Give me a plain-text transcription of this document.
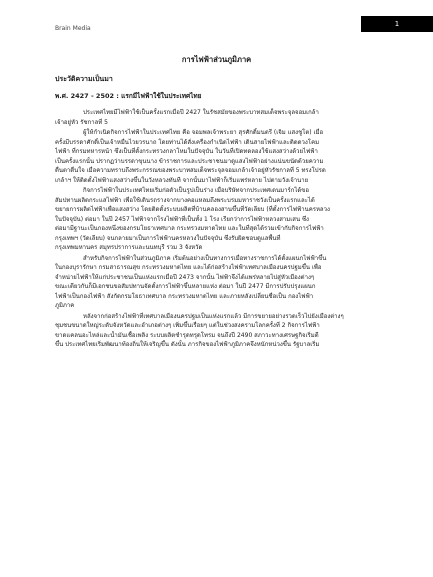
Brain Media
1
การไฟฟ้าส่วนภูมิภาค
ประวัติความเป็นมา
พ.ศ. 2427 - 2502 : แรกมีไฟฟ้าใช้ในประเทศไทย

ประเทศไทยมีไฟฟ้าใช้เป็นครั้งแรกเมื่อปี 2427 ในรัชสมัยของพระบาทสมเด็จพระจุลจอมเกล้า
เจ้าอยู่หัว รัชกาลที่ 5

ผู้ให้กำเนิดกิจการไฟฟ้าในประเทศไทย คือ จอมพลเจ้าพระยา สุรศักดิ์มนตรี (เจิม แสงชูโต) เมื่อ
ครั้งมีบรรดาศักดิ์เป็นเจ้าหมื่นไวยวรนาถ โดยท่านได้สั่งเครื่องกำเนิดไฟฟ้า เดินสายไฟฟ้าและติดดวงโคม
ไฟฟ้า ที่กรมทหารหน้า ซึ่งเป็นที่ตั้งกระทรวงกลาโหมในปัจจุบัน ในวันที่เปิดทดลองใช้แสงสว่างด้วยไฟฟ้า
เป็นครั้งแรกนั้น ปรากฏว่าบรรดาขุนนาง ข้าราชการและประชาชนมาดูแสงไฟฟ้าอย่างแน่นขนัดด้วยความ
ตื่นตาตื่นใจ เมื่อความทราบถึงพระกรรณของพระบาทสมเด็จพระจุลจอมเกล้าเจ้าอยู่หัวรัชกาลที่ 5 ทรงโปรด
เกล้าฯ ให้ติดตั้งไฟฟ้าแสงสว่างขึ้นในวังหลวงทันที จากนั้นมาไฟฟ้าก็เริ่มแพร่หลาย ไปตามวังเจ้านาย

กิจการไฟฟ้าในประเทศไทยเริ่มก่อตัวเป็นรูปเป็นร่าง เมื่อบริษัทจากประเทศเดนมาร์กได้ขอ
สัมปทานผลิตกระแสไฟฟ้า เพื่อใช้เดินรถรางจากบางคอแหลมถึงพระบรมมหาราชวังเป็นครั้งแรกและได้
ขยายการผลิตไฟฟ้าเพื่อแสงสว่าง โดยติดตั้งระบบผลิตที่บ้านคลองสานขึ้นที่วัดเลียบ (ที่ตั้งการไฟฟ้านครหลวง
ในปัจจุบัน) ต่อมา ในปี 2457 ไฟฟ้าจากโรงไฟฟ้าที่เป็นทั้ง 1 โรง เรียกว่าการไฟฟ้าหลวงสามเสน ซึ่ง
ต่อมามีฐานะเป็นกองหนึ่งของกรมโยธาเทศบาล กระทรวงมหาดไทย และในที่สุดได้รวมเข้ากับกิจการไฟฟ้า
กรุงเทพฯ (วัดเลียบ) จนกลายมาเป็นการไฟฟ้านครหลวงในปัจจุบัน ซึ่งรับผิดชอบดูแลพื้นที่
กรุงเทพมหานคร สมุทรปราการและนนทบุรี รวม 3 จังหวัด

สำหรับกิจการไฟฟ้าในส่วนภูมิภาค เริ่มต้นอย่างเป็นทางการเมื่อทางราชการได้ตั้งแผนกไฟฟ้าขึ้น
ในกองบุรารักษา กรมสาธารณสุข กระทรวงมหาดไทย และได้ก่อสร้างไฟฟ้าเทศบาลเมืองนครปฐมขึ้น เพื่อ
จำหน่ายไฟฟ้าให้แก่ประชาชนเป็นแห่งแรกเมื่อปี 2473 จากนั้น ไฟฟ้าจึงได้แพร่หลายไปสู่หัวเมืองต่างๆ
ขณะเดียวกันก็มีเอกชนขอสัมปทานจัดตั้งการไฟฟ้าขึ้นหลายแห่ง ต่อมา ในปี 2477 มีการปรับปรุงแผนก
ไฟฟ้าเป็นกองไฟฟ้า สังกัดกรมโยธาเทศบาล กระทรวงมหาดไทย และภายหลังเปลี่ยนชื่อเป็น กองไฟฟ้า
ภูมิภาค

หลังจากก่อสร้างไฟฟ้าที่เทศบาลเมืองนครปฐมเป็นแห่งแรกแล้ว มีการขยายอย่างรวดเร็วไปยังเมืองต่างๆ
ชุมชนขนาดใหญ่ระดับจังหวัดและอำเภอต่างๆ เพิ่มขึ้นเรื่อยๆ แต่ในช่วงสงครามโลกครั้งที่ 2 กิจการไฟฟ้า
ขาดแคลนอะไหล่และน้ำมันเชื้อเพลิง ระบบผลิตชำรุดทรุดโทรม จนถึงปี 2490 สภาวะทางเศรษฐกิจเริ่มดี
ขึ้น ประเทศไทยเริ่มพัฒนาท้องถิ่นให้เจริญขึ้น ดังนั้น ภารกิจของไฟฟ้าภูมิภาคจึงหนักหน่วงขึ้น รัฐบาลเริ่ม
